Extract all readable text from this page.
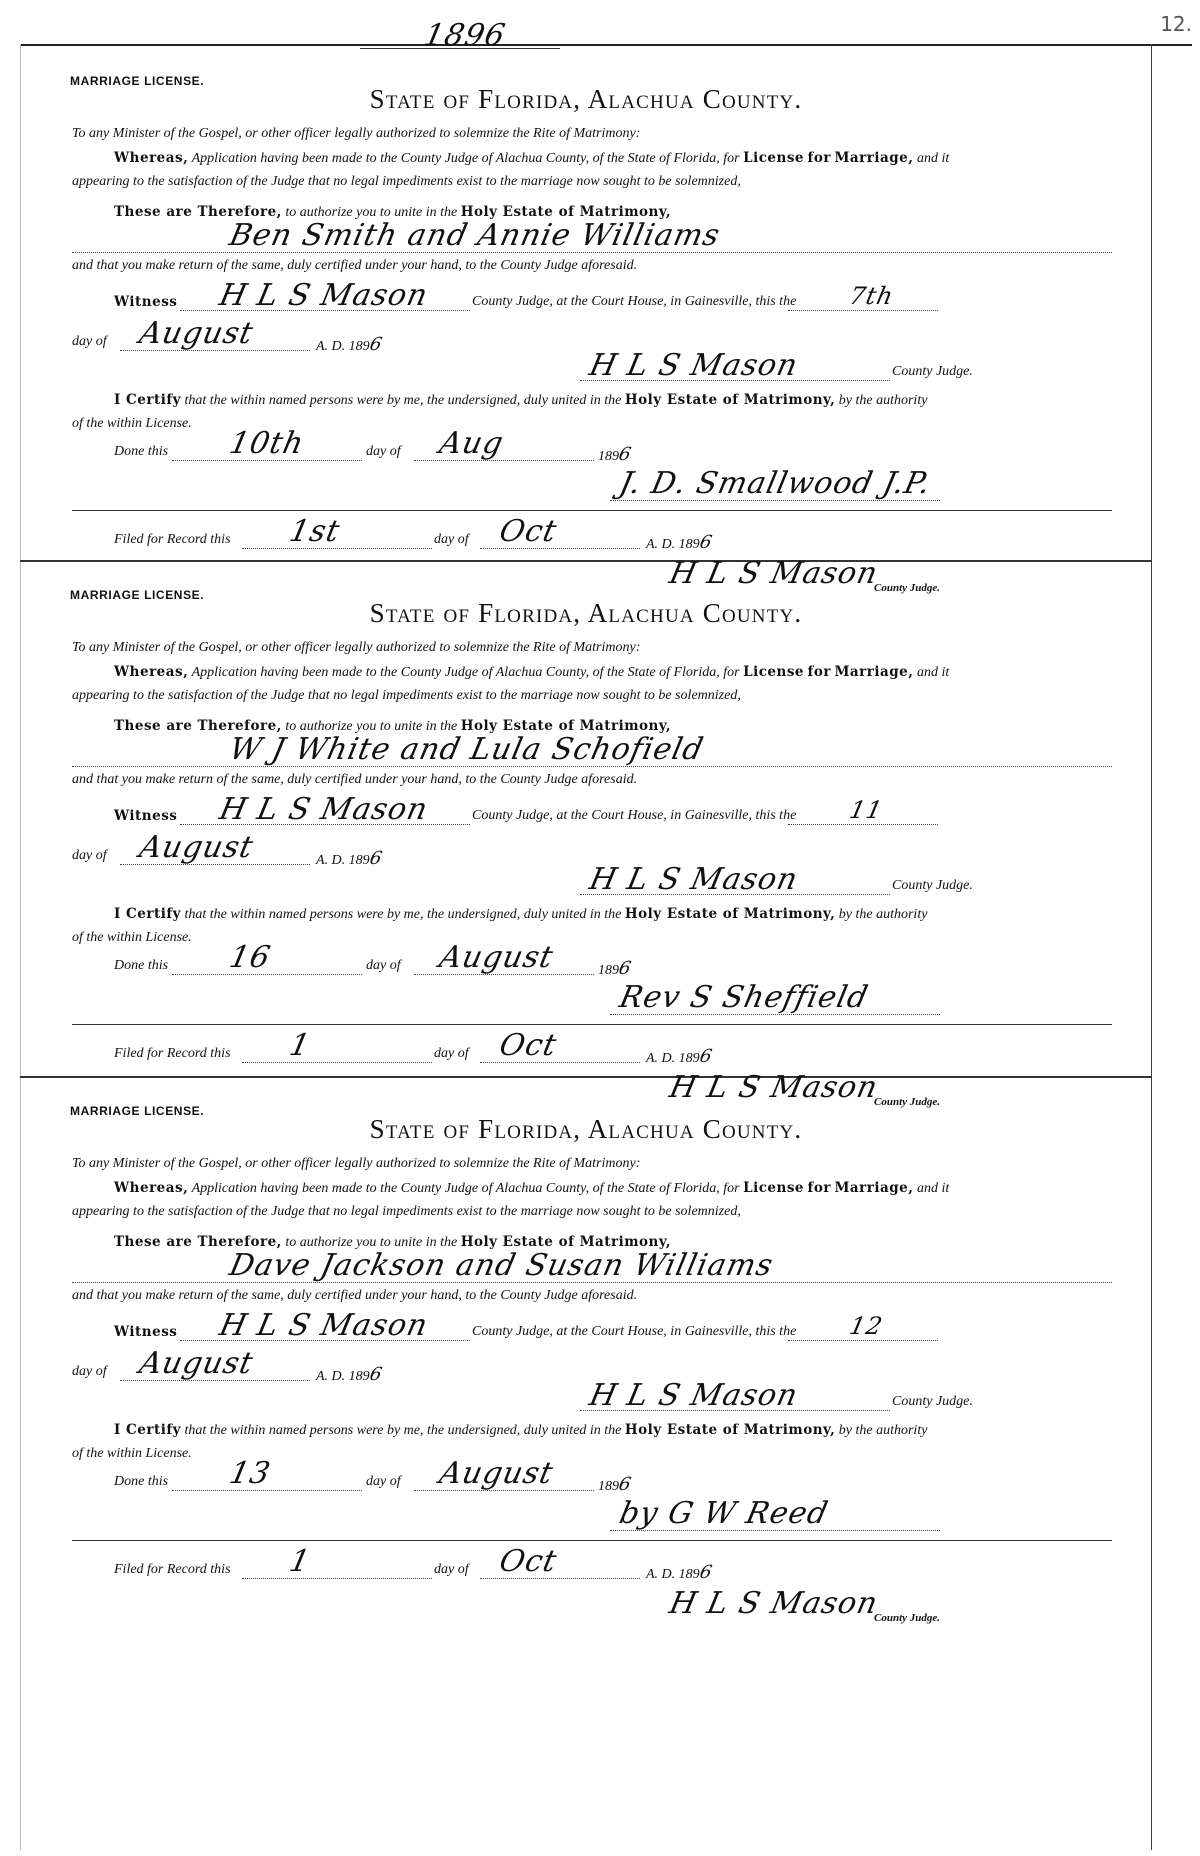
12.
1896
MARRIAGE LICENSE.
State of Florida, Alachua County.
To any Minister of the Gospel, or other officer legally authorized to solemnize the Rite of Matrimony:
Whereas, Application having been made to the County Judge of Alachua County, of the State of Florida, for License for Marriage, and it
appearing to the satisfaction of the Judge that no legal impediments exist to the marriage now sought to be solemnized,
These are Therefore, to authorize you to unite in the Holy Estate of Matrimony,
Ben Smith and Annie Williams
and that you make return of the same, duly certified under your hand, to the County Judge aforesaid.
Witness H L S Mason	County Judge, at the Court House, in Gainesville, this the 7th
day of August	A. D. 1896
H L S Mason	County Judge.
I Certify that the within named persons were by me, the undersigned, duly united in the Holy Estate of Matrimony, by the authority
of the within License.
Done this 10th	day of Aug	1896
J. D. Smallwood J.P.
Filed for Record this 1st	day of Oct	A. D. 1896
H L S Mason
County Judge.
MARRIAGE LICENSE.
State of Florida, Alachua County.
To any Minister of the Gospel, or other officer legally authorized to solemnize the Rite of Matrimony:
Whereas, Application having been made to the County Judge of Alachua County, of the State of Florida, for License for Marriage, and it
appearing to the satisfaction of the Judge that no legal impediments exist to the marriage now sought to be solemnized,
These are Therefore, to authorize you to unite in the Holy Estate of Matrimony,
W J White and Lula Schofield
and that you make return of the same, duly certified under your hand, to the County Judge aforesaid.
Witness H L S Mason	County Judge, at the Court House, in Gainesville, this the 11
day of August	A. D. 1896
H L S Mason	County Judge.
I Certify that the within named persons were by me, the undersigned, duly united in the Holy Estate of Matrimony, by the authority
of the within License.
Done this 16	day of August	1896
Rev S Sheffield
Filed for Record this 1	day of Oct	A. D. 1896
H L S Mason
County Judge.
MARRIAGE LICENSE.
State of Florida, Alachua County.
To any Minister of the Gospel, or other officer legally authorized to solemnize the Rite of Matrimony:
Whereas, Application having been made to the County Judge of Alachua County, of the State of Florida, for License for Marriage, and it
appearing to the satisfaction of the Judge that no legal impediments exist to the marriage now sought to be solemnized,
These are Therefore, to authorize you to unite in the Holy Estate of Matrimony,
Dave Jackson and Susan Williams
and that you make return of the same, duly certified under your hand, to the County Judge aforesaid.
Witness H L S Mason	County Judge, at the Court House, in Gainesville, this the 12
day of August	A. D. 1896
H L S Mason	County Judge.
I Certify that the within named persons were by me, the undersigned, duly united in the Holy Estate of Matrimony, by the authority
of the within License.
Done this 13	day of August	1896
by G W Reed
Filed for Record this 1	day of Oct	A. D. 1896
H L S Mason
County Judge.
